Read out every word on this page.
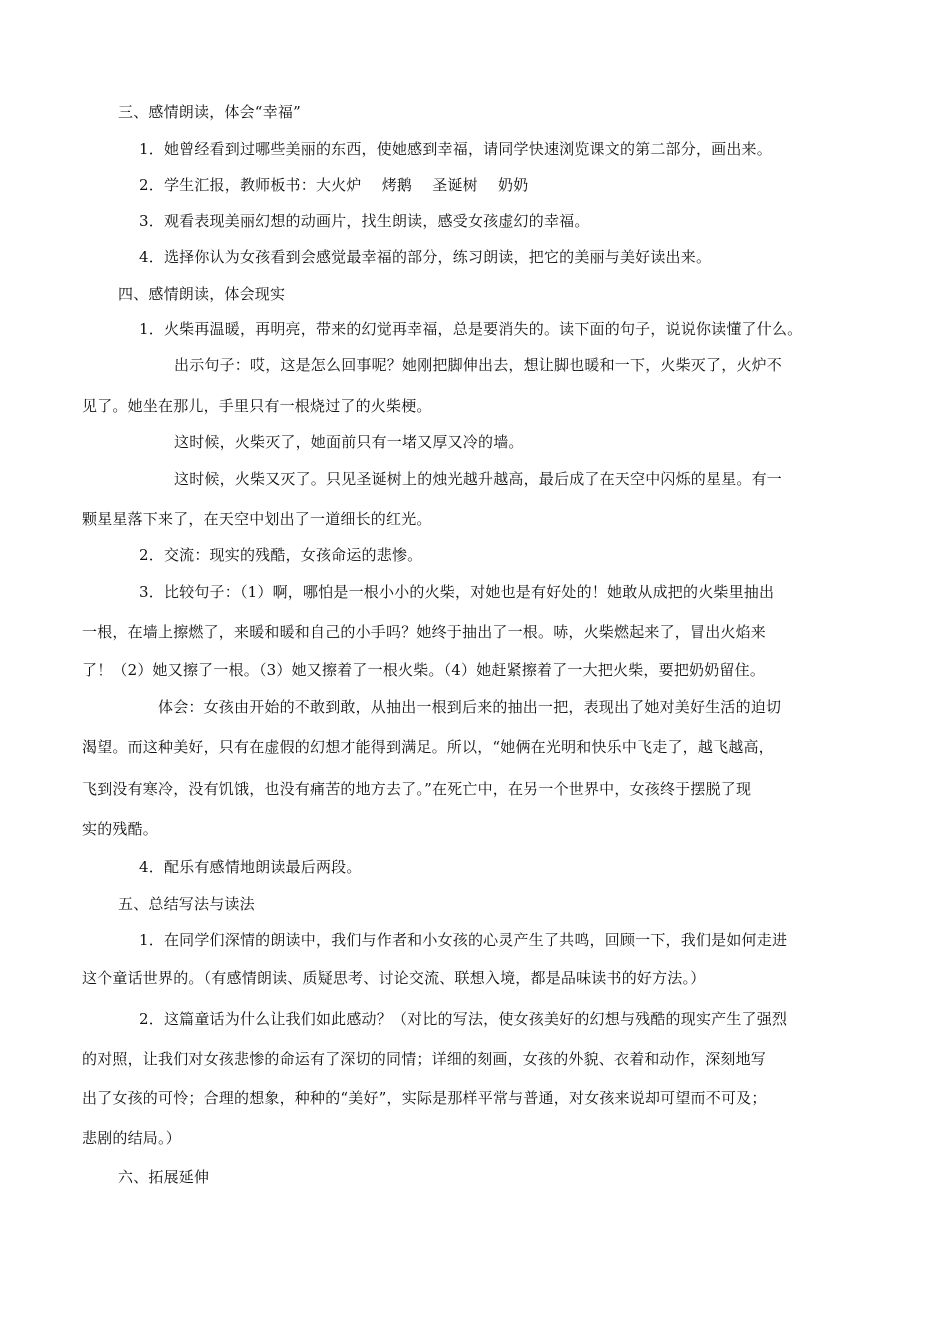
三、感情朗读，体会“幸福”
1．她曾经看到过哪些美丽的东西，使她感到幸福，请同学快速浏览课文的第二部分，画出来。
2．学生汇报，教师板书：大火炉　 烤鹅　 圣诞树　 奶奶
3．观看表现美丽幻想的动画片，找生朗读，感受女孩虚幻的幸福。
4．选择你认为女孩看到会感觉最幸福的部分，练习朗读，把它的美丽与美好读出来。
四、感情朗读，体会现实
1．火柴再温暖，再明亮，带来的幻觉再幸福，总是要消失的。读下面的句子，说说你读懂了什么。
出示句子：哎，这是怎么回事呢？她刚把脚伸出去，想让脚也暖和一下，火柴灭了，火炉不
见了。她坐在那儿，手里只有一根烧过了的火柴梗。
这时候，火柴灭了，她面前只有一堵又厚又冷的墙。
这时候，火柴又灭了。只见圣诞树上的烛光越升越高，最后成了在天空中闪烁的星星。有一
颗星星落下来了，在天空中划出了一道细长的红光。
2．交流：现实的残酷，女孩命运的悲惨。
3．比较句子：（1）啊，哪怕是一根小小的火柴，对她也是有好处的！她敢从成把的火柴里抽出
一根，在墙上擦燃了，来暖和暖和自己的小手吗？她终于抽出了一根。哧，火柴燃起来了，冒出火焰来
了！（2）她又擦了一根。（3）她又擦着了一根火柴。（4）她赶紧擦着了一大把火柴，要把奶奶留住。
体会：女孩由开始的不敢到敢，从抽出一根到后来的抽出一把，表现出了她对美好生活的迫切
渴望。而这种美好，只有在虚假的幻想才能得到满足。所以，“她俩在光明和快乐中飞走了，越飞越高，
飞到没有寒冷，没有饥饿，也没有痛苦的地方去了。”在死亡中，在另一个世界中，女孩终于摆脱了现
实的残酷。
4．配乐有感情地朗读最后两段。
五、总结写法与读法
1．在同学们深情的朗读中，我们与作者和小女孩的心灵产生了共鸣，回顾一下，我们是如何走进
这个童话世界的。（有感情朗读、质疑思考、讨论交流、联想入境，都是品味读书的好方法。）
2．这篇童话为什么让我们如此感动？（对比的写法，使女孩美好的幻想与残酷的现实产生了强烈
的对照，让我们对女孩悲惨的命运有了深切的同情；详细的刻画，女孩的外貌、衣着和动作，深刻地写
出了女孩的可怜；合理的想象，种种的“美好”，实际是那样平常与普通，对女孩来说却可望而不可及；
悲剧的结局。）
六、拓展延伸
